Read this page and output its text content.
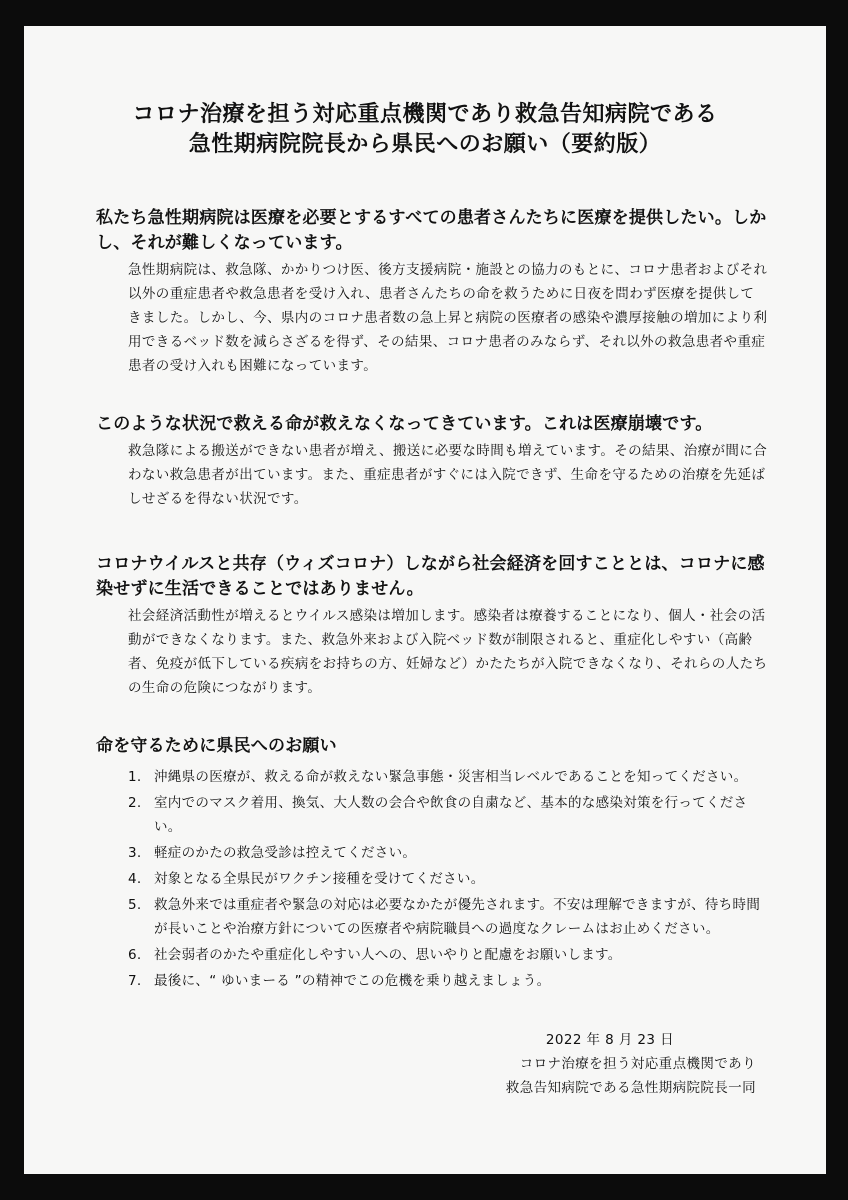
コロナ治療を担う対応重点機関であり救急告知病院である
急性期病院院長から県民へのお願い（要約版）
私たち急性期病院は医療を必要とするすべての患者さんたちに医療を提供したい。しかし、それが難しくなっています。
急性期病院は、救急隊、かかりつけ医、後方支援病院・施設との協力のもとに、コロナ患者およびそれ以外の重症患者や救急患者を受け入れ、患者さんたちの命を救うために日夜を問わず医療を提供してきました。しかし、今、県内のコロナ患者数の急上昇と病院の医療者の感染や濃厚接触の増加により利用できるベッド数を減らさざるを得ず、その結果、コロナ患者のみならず、それ以外の救急患者や重症患者の受け入れも困難になっています。
このような状況で救える命が救えなくなってきています。これは医療崩壊です。
救急隊による搬送ができない患者が増え、搬送に必要な時間も増えています。その結果、治療が間に合わない救急患者が出ています。また、重症患者がすぐには入院できず、生命を守るための治療を先延ばしせざるを得ない状況です。
コロナウイルスと共存（ウィズコロナ）しながら社会経済を回すこととは、コロナに感染せずに生活できることではありません。
社会経済活動性が増えるとウイルス感染は増加します。感染者は療養することになり、個人・社会の活動ができなくなります。また、救急外来および入院ベッド数が制限されると、重症化しやすい（高齢者、免疫が低下している疾病をお持ちの方、妊婦など）かたたちが入院できなくなり、それらの人たちの生命の危険につながります。
命を守るために県民へのお願い
1. 沖縄県の医療が、救える命が救えない緊急事態・災害相当レベルであることを知ってください。
2. 室内でのマスク着用、換気、大人数の会合や飲食の自粛など、基本的な感染対策を行ってください。
3. 軽症のかたの救急受診は控えてください。
4. 対象となる全県民がワクチン接種を受けてください。
5. 救急外来では重症者や緊急の対応は必要なかたが優先されます。不安は理解できますが、待ち時間が長いことや治療方針についての医療者や病院職員への過度なクレームはお止めください。
6. 社会弱者のかたや重症化しやすい人への、思いやりと配慮をお願いします。
7. 最後に、“ ゆいまーる ”の精神でこの危機を乗り越えましょう。
2022 年 8 月 23 日
コロナ治療を担う対応重点機関であり
救急告知病院である急性期病院院長一同
